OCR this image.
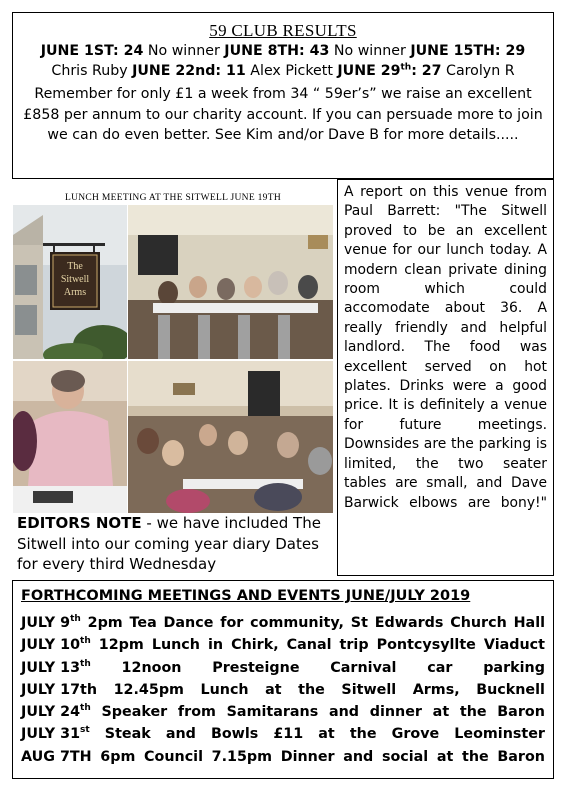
59 CLUB RESULTS
JUNE 1ST: 24 No winner JUNE 8TH: 43 No winner JUNE 15TH: 29
Chris Ruby JUNE 22nd: 11 Alex Pickett JUNE 29th: 27 Carolyn R
Remember for only £1 a week from 34 “ 59er’s” we raise an excellent £858 per annum to our charity account. If you can persuade more to join we can do even better. See Kim and/or Dave B for more details.....
LUNCH MEETING AT THE SITWELL JUNE 19TH
The
Sitwell
Arms
EDITORS NOTE - we have included The Sitwell into our coming year diary Dates for every third Wednesday
A report on this venue from Paul Barrett: "The Sitwell proved to be an excellent venue for our lunch today. A modern clean private dining room which could accomodate about 36. A really friendly and helpful landlord. The food was excellent served on hot plates. Drinks were a good price. It is definitely a venue for future meetings. Downsides are the parking is limited, the two seater tables are small, and Dave Barwick elbows are bony!"
FORTHCOMING MEETINGS AND EVENTS JUNE/JULY 2019
JULY 9th 2pm Tea Dance for community, St Edwards Church Hall
JULY 10th 12pm Lunch in Chirk, Canal trip Pontcysyllte Viaduct
JULY 13th 12noon Presteigne Carnival car parking
JULY 17th 12.45pm Lunch at the Sitwell Arms, Bucknell
JULY 24th Speaker from Samitarans and dinner at the Baron
JULY 31st Steak and Bowls £11 at the Grove Leominster
AUG 7TH 6pm Council 7.15pm Dinner and social at the Baron
